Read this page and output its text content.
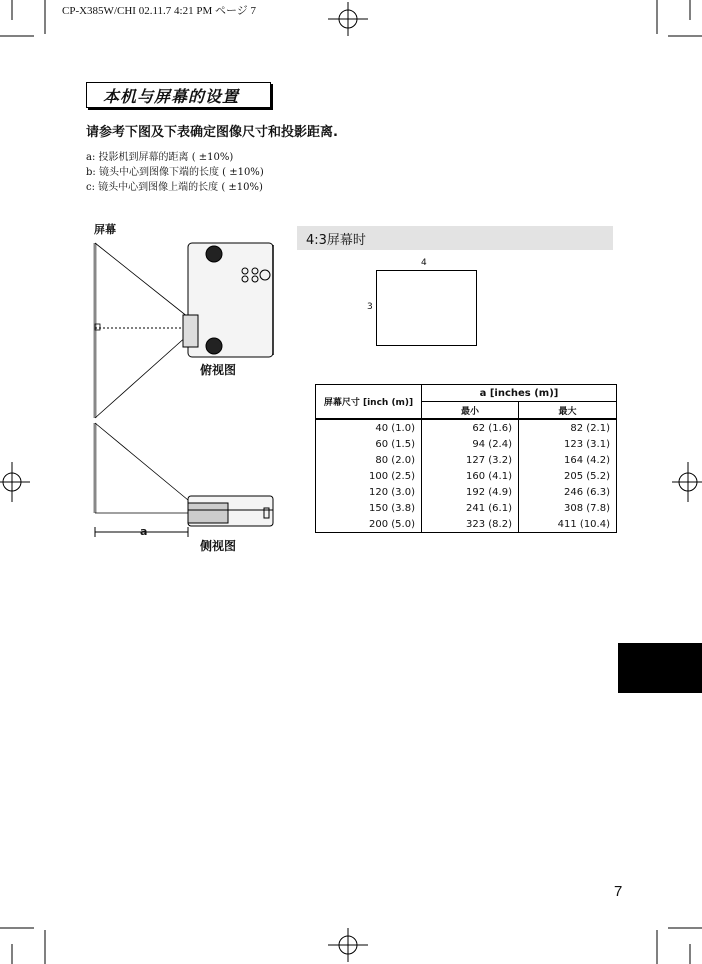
CP-X385W/CHI 02.11.7 4:21 PM ページ 7
本机与屏幕的设置
请参考下图及下表确定图像尺寸和投影距离.
a: 投影机到屏幕的距离 ( ±10%)
b: 镜头中心到图像下端的长度 ( ±10%)
c: 镜头中心到图像上端的长度 ( ±10%)
屏幕
俯视图
侧视图
a
4:3屏幕时
4
3
屏幕尺寸 [inch (m)]	a [inches (m)]	
	最小	最大
40 (1.0)	62 (1.6)	82 (2.1)
60 (1.5)	94 (2.4)	123 (3.1)
80 (2.0)	127 (3.2)	164 (4.2)
100 (2.5)	160 (4.1)	205 (5.2)
120 (3.0)	192 (4.9)	246 (6.3)
150 (3.8)	241 (6.1)	308 (7.8)
200 (5.0)	323 (8.2)	411 (10.4)
7
